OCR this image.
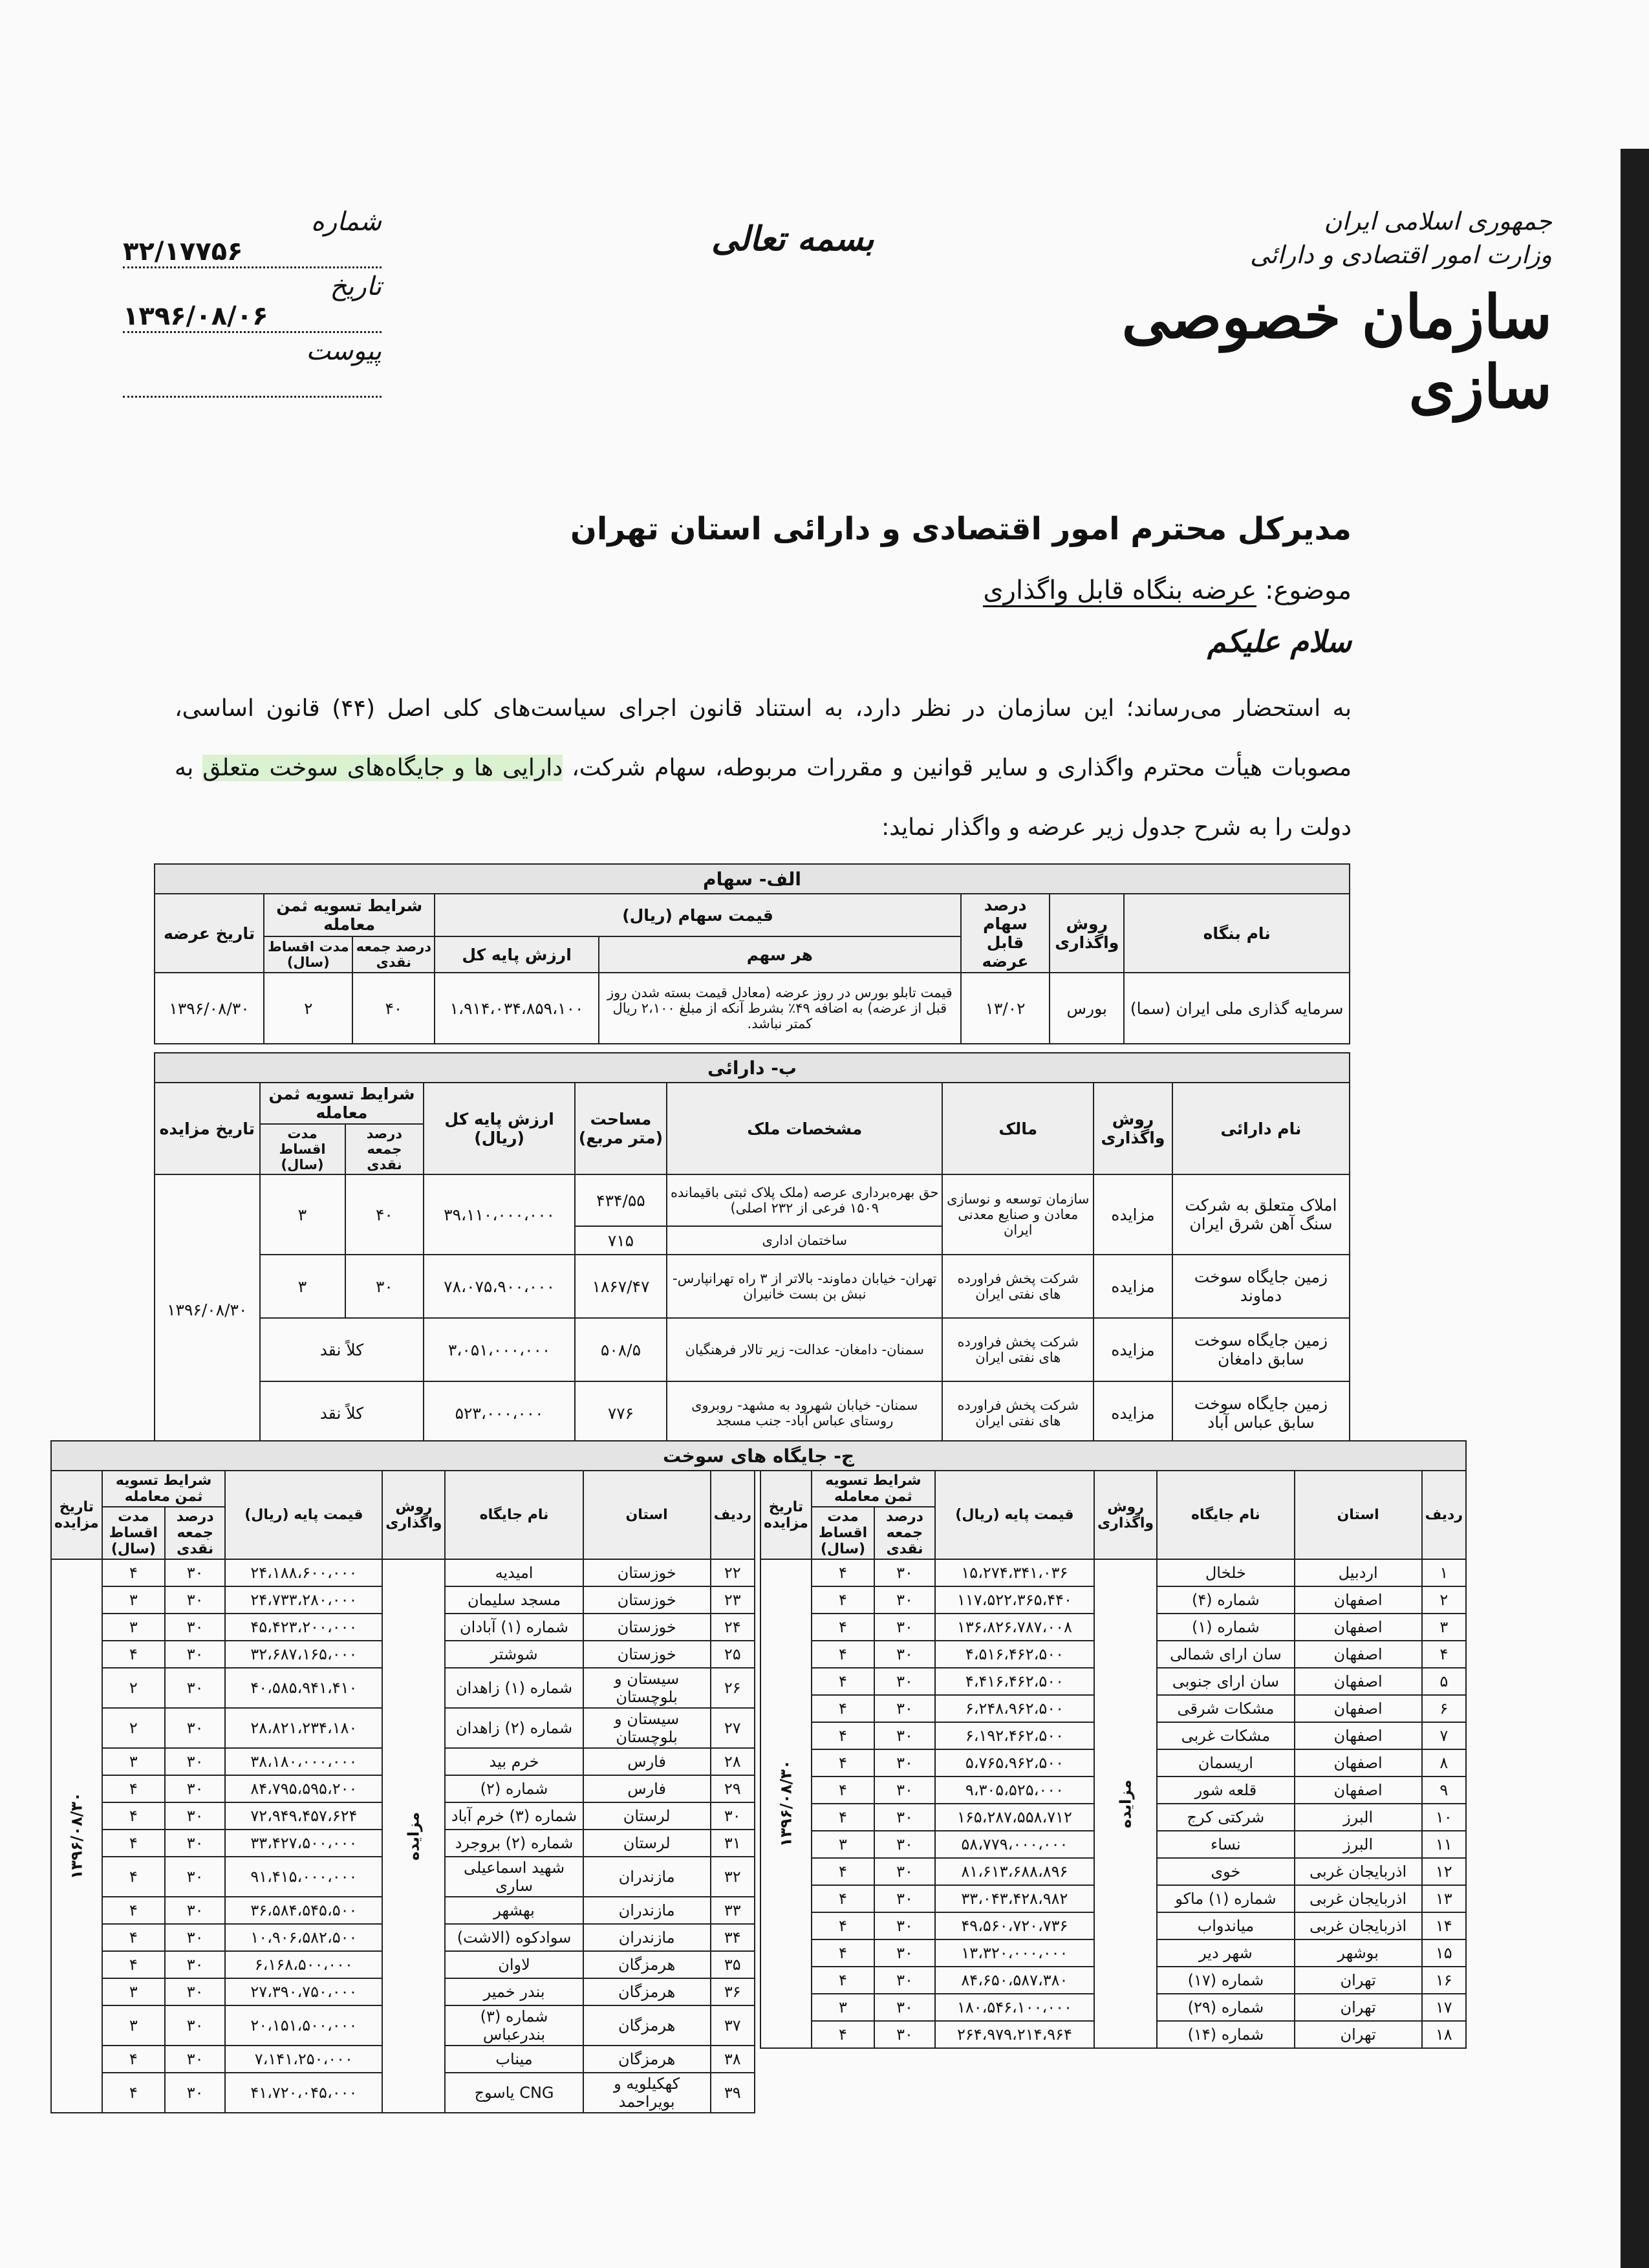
جمهوری اسلامی ایران
وزارت امور اقتصادی و دارائی
سازمان خصوصی سازی
بسمه تعالی
شماره ۳۲/۱۷۷۵۶
تاریخ ۱۳۹۶/۰۸/۰۶
پیوست
مدیرکل محترم امور اقتصادی و دارائی استان تهران
موضوع: عرضه بنگاه قابل واگذاری
سلام علیکم
به استحضار می‌رساند؛ این سازمان در نظر دارد، به استناد قانون اجرای سیاست‌های کلی اصل (۴۴) قانون اساسی، مصوبات هیأت محترم واگذاری و سایر قوانین و مقررات مربوطه، سهام شرکت، دارایی ها و جایگاه‌های سوخت متعلق به دولت را به شرح جدول زیر عرضه و واگذار نماید:
الف- سهام							
نام بنگاه	روش واگذاری	درصد سهام قابل عرضه	قیمت سهام (ریال)		شرایط تسویه ثمن معامله		تاریخ عرضه
			هر سهم	ارزش پایه کل	درصد جمعه نقدی	مدت اقساط (سال)	
سرمایه گذاری ملی ایران (سما)	بورس	۱۳/۰۲	قیمت تابلو بورس در روز عرضه (معادل قیمت بسته شدن روز قبل از عرضه) به اضافه ۴۹٪ بشرط آنکه از مبلغ ۲،۱۰۰ ریال کمتر نباشد.	۱،۹۱۴،۰۳۴،۸۵۹،۱۰۰	۴۰	۲	۱۳۹۶/۰۸/۳۰
ب- دارائی								
نام دارائی	روش واگذاری	مالک	مشخصات ملک	مساحت (متر مربع)	ارزش پایه کل (ریال)	شرایط تسویه ثمن معامله		تاریخ مزایده
						درصد جمعه نقدی	مدت اقساط (سال)	
املاک متعلق به شرکت سنگ آهن شرق ایران	مزایده	سازمان توسعه و نوسازی معادن و صنایع معدنی ایران	حق بهره‌برداری عرصه (ملک پلاک ثبتی باقیمانده ۱۵۰۹ فرعی از ۲۳۲ اصلی)	۴۳۴/۵۵	۳۹،۱۱۰،۰۰۰،۰۰۰	۴۰	۳	۱۳۹۶/۰۸/۳۰
			ساختمان اداری	۷۱۵				
زمین جایگاه سوخت دماوند	مزایده	شرکت پخش فراورده های نفتی ایران	تهران- خیابان دماوند- بالاتر از ۳ راه تهرانپارس- نبش بن بست خانیران	۱۸۶۷/۴۷	۷۸،۰۷۵،۹۰۰،۰۰۰	۳۰	۳	
زمین جایگاه سوخت سابق دامغان	مزایده	شرکت پخش فراورده های نفتی ایران	سمنان- دامغان- عدالت- زیر تالار فرهنگیان	۵۰۸/۵	۳،۰۵۱،۰۰۰،۰۰۰	کلاً نقد		
زمین جایگاه سوخت سابق عباس آباد	مزایده	شرکت پخش فراورده های نفتی ایران	سمنان- خیابان شهرود به مشهد- روبروی روستای عباس آباد- جنب مسجد	۷۷۶	۵۲۳،۰۰۰،۰۰۰	کلاً نقد		
ج- جایگاه های سوخت
ردیف	استان	نام جایگاه	روش واگذاری	قیمت پایه (ریال)	شرایط تسویه ثمن معامله		تاریخ مزایده
					درصد جمعه نقدی	مدت اقساط (سال)	
۱	اردبیل	خلخال	مزایده	۱۵،۲۷۴،۳۴۱،۰۳۶	۳۰	۴	۱۳۹۶/۰۸/۳۰
۲	اصفهان	شماره (۴)		۱۱۷،۵۲۲،۳۶۵،۴۴۰	۳۰	۴	
۳	اصفهان	شماره (۱)		۱۳۶،۸۲۶،۷۸۷،۰۰۸	۳۰	۴	
۴	اصفهان	سان ارای شمالی		۴،۵۱۶،۴۶۲،۵۰۰	۳۰	۴	
۵	اصفهان	سان ارای جنوبی		۴،۴۱۶،۴۶۲،۵۰۰	۳۰	۴	
۶	اصفهان	مشکات شرقی		۶،۲۴۸،۹۶۲،۵۰۰	۳۰	۴	
۷	اصفهان	مشکات غربی		۶،۱۹۲،۴۶۲،۵۰۰	۳۰	۴	
۸	اصفهان	اریسمان		۵،۷۶۵،۹۶۲،۵۰۰	۳۰	۴	
۹	اصفهان	قلعه شور		۹،۳۰۵،۵۲۵،۰۰۰	۳۰	۴	
۱۰	البرز	شرکتی کرج		۱۶۵،۲۸۷،۵۵۸،۷۱۲	۳۰	۴	
۱۱	البرز	نساء		۵۸،۷۷۹،۰۰۰،۰۰۰	۳۰	۳	
۱۲	اذربایجان غربی	خوی		۸۱،۶۱۳،۶۸۸،۸۹۶	۳۰	۴	
۱۳	اذربایجان غربی	شماره (۱) ماکو		۳۳،۰۴۳،۴۲۸،۹۸۲	۳۰	۴	
۱۴	اذربایجان غربی	میاندواب		۴۹،۵۶۰،۷۲۰،۷۳۶	۳۰	۴	
۱۵	بوشهر	شهر دیر		۱۳،۳۲۰،۰۰۰،۰۰۰	۳۰	۴	
۱۶	تهران	شماره (۱۷)		۸۴،۶۵۰،۵۸۷،۳۸۰	۳۰	۴	
۱۷	تهران	شماره (۲۹)		۱۸۰،۵۴۶،۱۰۰،۰۰۰	۳۰	۳	
۱۸	تهران	شماره (۱۴)		۲۶۴،۹۷۹،۲۱۴،۹۶۴	۳۰	۴	
ردیف	استان	نام جایگاه	روش واگذاری	قیمت پایه (ریال)	شرایط تسویه ثمن معامله		تاریخ مزایده
					درصد جمعه نقدی	مدت اقساط (سال)	
۲۲	خوزستان	امیدیه	مزایده	۲۴،۱۸۸،۶۰۰،۰۰۰	۳۰	۴	۱۳۹۶/۰۸/۳۰
۲۳	خوزستان	مسجد سلیمان		۲۴،۷۳۳،۲۸۰،۰۰۰	۳۰	۳	
۲۴	خوزستان	شماره (۱) آبادان		۴۵،۴۲۳،۲۰۰،۰۰۰	۳۰	۳	
۲۵	خوزستان	شوشتر		۳۲،۶۸۷،۱۶۵،۰۰۰	۳۰	۴	
۲۶	سیستان و بلوچستان	شماره (۱) زاهدان		۴۰،۵۸۵،۹۴۱،۴۱۰	۳۰	۲	
۲۷	سیستان و بلوچستان	شماره (۲) زاهدان		۲۸،۸۲۱،۲۳۴،۱۸۰	۳۰	۲	
۲۸	فارس	خرم بید		۳۸،۱۸۰،۰۰۰،۰۰۰	۳۰	۳	
۲۹	فارس	شماره (۲)		۸۴،۷۹۵،۵۹۵،۲۰۰	۳۰	۴	
۳۰	لرستان	شماره (۳) خرم آباد		۷۲،۹۴۹،۴۵۷،۶۲۴	۳۰	۴	
۳۱	لرستان	شماره (۲) بروجرد		۳۳،۴۲۷،۵۰۰،۰۰۰	۳۰	۴	
۳۲	مازندران	شهید اسماعیلی ساری		۹۱،۴۱۵،۰۰۰،۰۰۰	۳۰	۴	
۳۳	مازندران	بهشهر		۳۶،۵۸۴،۵۴۵،۵۰۰	۳۰	۴	
۳۴	مازندران	سوادکوه (الاشت)		۱۰،۹۰۶،۵۸۲،۵۰۰	۳۰	۴	
۳۵	هرمزگان	لاوان		۶،۱۶۸،۵۰۰،۰۰۰	۳۰	۴	
۳۶	هرمزگان	بندر خمیر		۲۷،۳۹۰،۷۵۰،۰۰۰	۳۰	۳	
۳۷	هرمزگان	شماره (۳) بندرعباس		۲۰،۱۵۱،۵۰۰،۰۰۰	۳۰	۳	
۳۸	هرمزگان	میناب		۷،۱۴۱،۲۵۰،۰۰۰	۳۰	۴	
۳۹	کهکیلویه و بویراحمد	CNG یاسوج		۴۱،۷۲۰،۰۴۵،۰۰۰	۳۰	۴	
